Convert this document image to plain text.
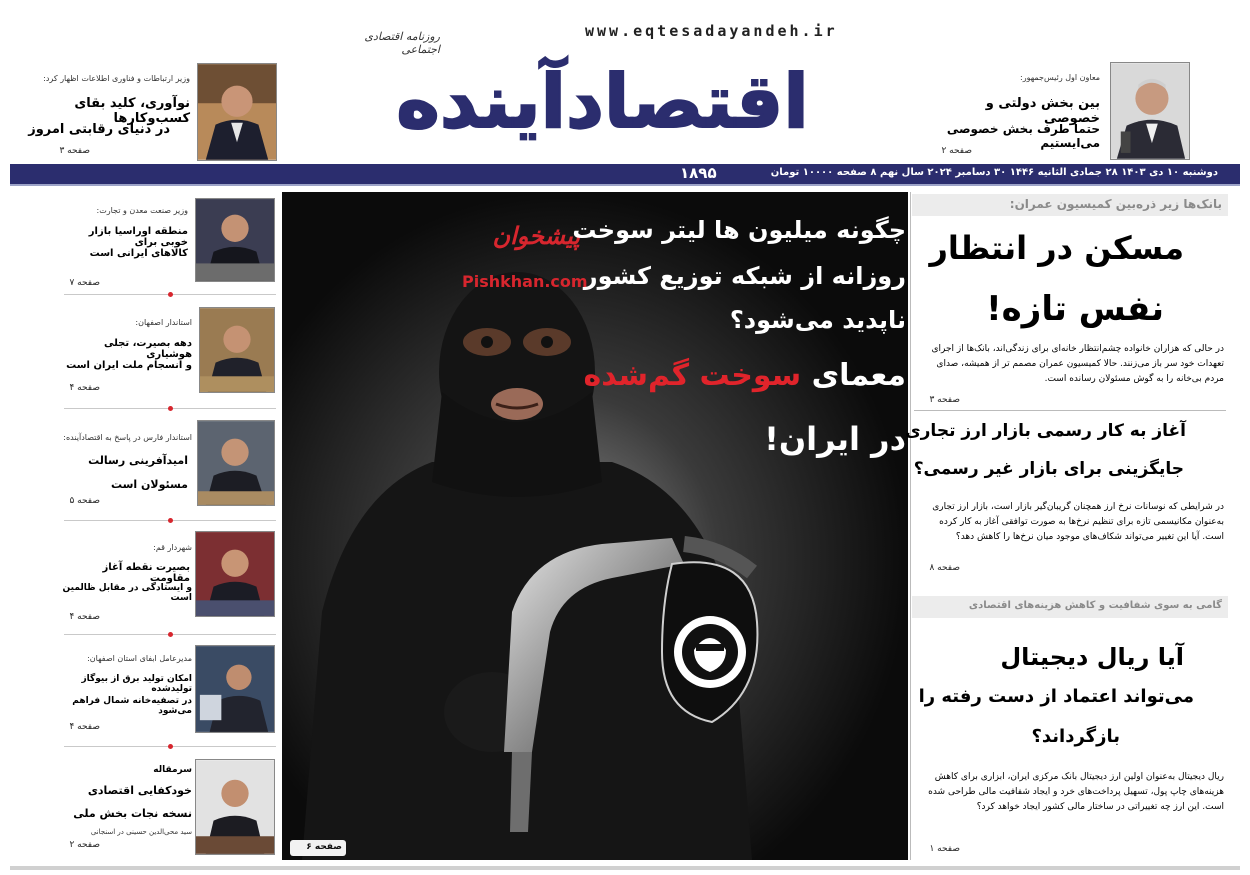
www.eqtesadayandeh.ir
روزنامه اقتصادی اجتماعی
اقتصادآینده
وزیر ارتباطات و فناوری اطلاعات اظهار کرد:
نوآوری، کلید بقای کسب‌وکارها
در دنیای رقابتی امروز
صفحه ۳
معاون اول رئیس‌جمهور:
بین بخش دولتی و خصوصی
حتما طرف بخش خصوصی می‌ایستیم
صفحه ۲
دوشنبه ۱۰ دی ۱۴۰۳ ۲۸ جمادی الثانیه ۱۴۴۶ ۳۰ دسامبر ۲۰۲۴ سال نهم ۸ صفحه ۱۰۰۰۰ تومان
۱۸۹۵
وزیر صنعت معدن و تجارت:
منطقه اوراسیا بازار خوبی برای
کالاهای ایرانی است
صفحه ۷
استاندار اصفهان:
دهه بصیرت، تجلی هوشیاری
و انسجام ملت ایران است
صفحه ۴
استاندار فارس در پاسخ به اقتصادآینده:
امیدآفرینی رسالت
مسئولان است
صفحه ۵
شهردار قم:
بصیرت نقطه آغاز مقاومت
و ایستادگی در مقابل ظالمین است
صفحه ۴
مدیرعامل ابفای استان اصفهان:
امکان تولید برق از بیوگاز تولیدشده
در تصفیه‌خانه شمال فراهم می‌شود
صفحه ۴
سرمقاله
خودکفایی اقتصادی
نسخه نجات بخش ملی
سید محی‌الدین حسینی در اسنجانی
صفحه ۲	صفحه ۶
پیشخوان
Pishkhan.com
چگونه میلیون ها لیتر سوخت
روزانه از شبکه توزیع کشور
ناپدید می‌شود؟
معمای سوخت گم‌شده
در ایران!
بانک‌ها زیر ذره‌بین کمیسیون عمران:
مسکن در انتظار
نفس تازه!
در حالی که هزاران خانواده چشم‌انتظار خانه‌ای برای زندگی‌اند، بانک‌ها از اجرای تعهدات خود سر باز می‌زنند. حالا کمیسیون عمران مصمم تر از همیشه، صدای مردم بی‌خانه را به گوش مسئولان رسانده است.
صفحه ۳
آغاز به کار رسمی بازار ارز تجاری
جایگزینی برای بازار غیر رسمی؟
در شرایطی که نوسانات نرخ ارز همچنان گریبان‌گیر بازار است، بازار ارز تجاری به‌عنوان مکانیسمی تازه برای تنظیم نرخ‌ها به صورت توافقی آغاز به کار کرده است. آیا این تغییر می‌تواند شکاف‌های موجود میان نرخ‌ها را کاهش دهد؟
صفحه ۸
گامی به سوی شفافیت و کاهش هزینه‌های اقتصادی
آیا ریال دیجیتال
می‌تواند اعتماد از دست رفته را
بازگرداند؟
ریال دیجیتال به‌عنوان اولین ارز دیجیتال بانک مرکزی ایران، ابزاری برای کاهش هزینه‌های چاپ پول، تسهیل پرداخت‌های خرد و ایجاد شفافیت مالی طراحی شده است. این ارز چه تغییراتی در ساختار مالی کشور ایجاد خواهد کرد؟
صفحه ۱
